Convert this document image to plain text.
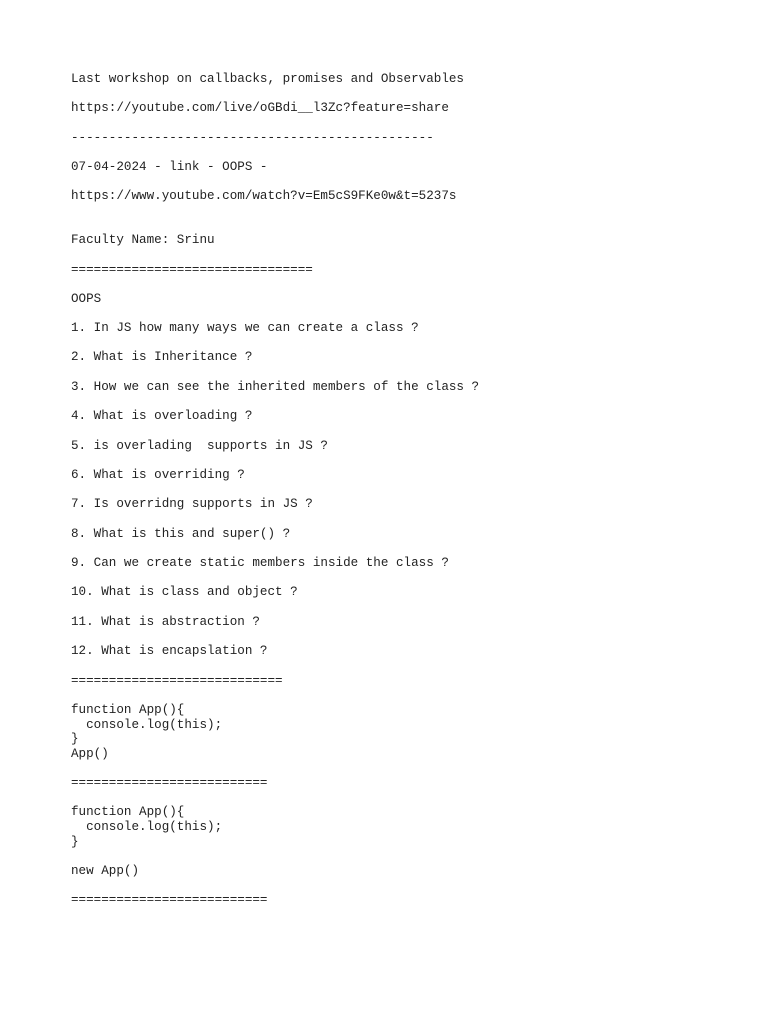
Last workshop on callbacks, promises and Observables
https://youtube.com/live/oGBdi__l3Zc?feature=share
------------------------------------------------
07-04-2024 - link - OOPS -
https://www.youtube.com/watch?v=Em5cS9FKe0w&t=5237s
Faculty Name: Srinu
================================
OOPS
1. In JS how many ways we can create a class ?
2. What is Inheritance ?
3. How we can see the inherited members of the class ?
4. What is overloading ?
5. is overlading  supports in JS ?
6. What is overriding ?
7. Is overridng supports in JS ?
8. What is this and super() ?
9. Can we create static members inside the class ?
10. What is class and object ?
11. What is abstraction ?
12. What is encapslation ?
============================
function App(){
console.log(this);
}
App()
==========================
function App(){
console.log(this);
}
new App()
==========================
